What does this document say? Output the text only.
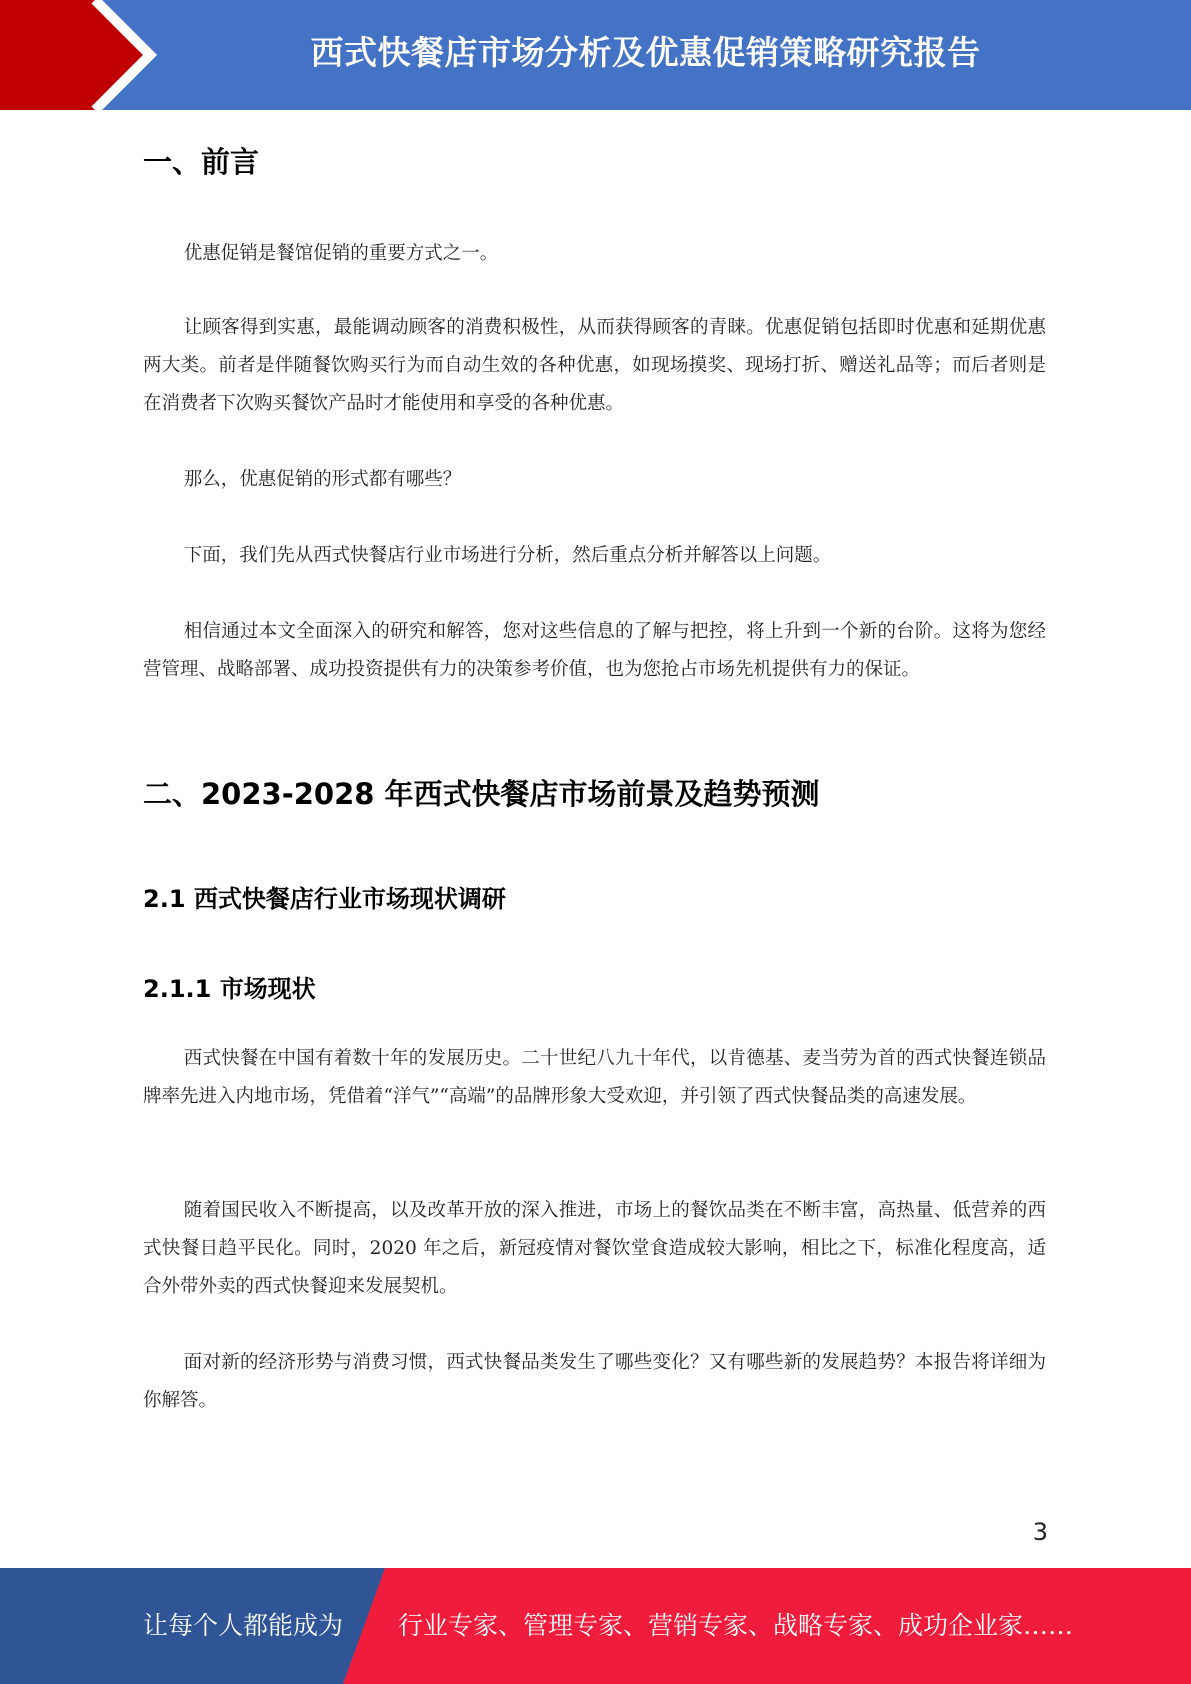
西式快餐店市场分析及优惠促销策略研究报告
一、前言
优惠促销是餐馆促销的重要方式之一。
让顾客得到实惠，最能调动顾客的消费积极性，从而获得顾客的青睐。优惠促销包括即时优惠和延期优惠两大类。前者是伴随餐饮购买行为而自动生效的各种优惠，如现场摸奖、现场打折、赠送礼品等；而后者则是在消费者下次购买餐饮产品时才能使用和享受的各种优惠。
那么，优惠促销的形式都有哪些？
下面，我们先从西式快餐店行业市场进行分析，然后重点分析并解答以上问题。
相信通过本文全面深入的研究和解答，您对这些信息的了解与把控，将上升到一个新的台阶。这将为您经营管理、战略部署、成功投资提供有力的决策参考价值，也为您抢占市场先机提供有力的保证。
二、2023-2028 年西式快餐店市场前景及趋势预测
2.1 西式快餐店行业市场现状调研
2.1.1 市场现状
西式快餐在中国有着数十年的发展历史。二十世纪八九十年代，以肯德基、麦当劳为首的西式快餐连锁品牌率先进入内地市场，凭借着“洋气”“高端”的品牌形象大受欢迎，并引领了西式快餐品类的高速发展。
随着国民收入不断提高，以及改革开放的深入推进，市场上的餐饮品类在不断丰富，高热量、低营养的西式快餐日趋平民化。同时，2020 年之后，新冠疫情对餐饮堂食造成较大影响，相比之下，标准化程度高，适合外带外卖的西式快餐迎来发展契机。
面对新的经济形势与消费习惯，西式快餐品类发生了哪些变化？又有哪些新的发展趋势？本报告将详细为你解答。
3
让每个人都能成为 行业专家、管理专家、营销专家、战略专家、成功企业家……
